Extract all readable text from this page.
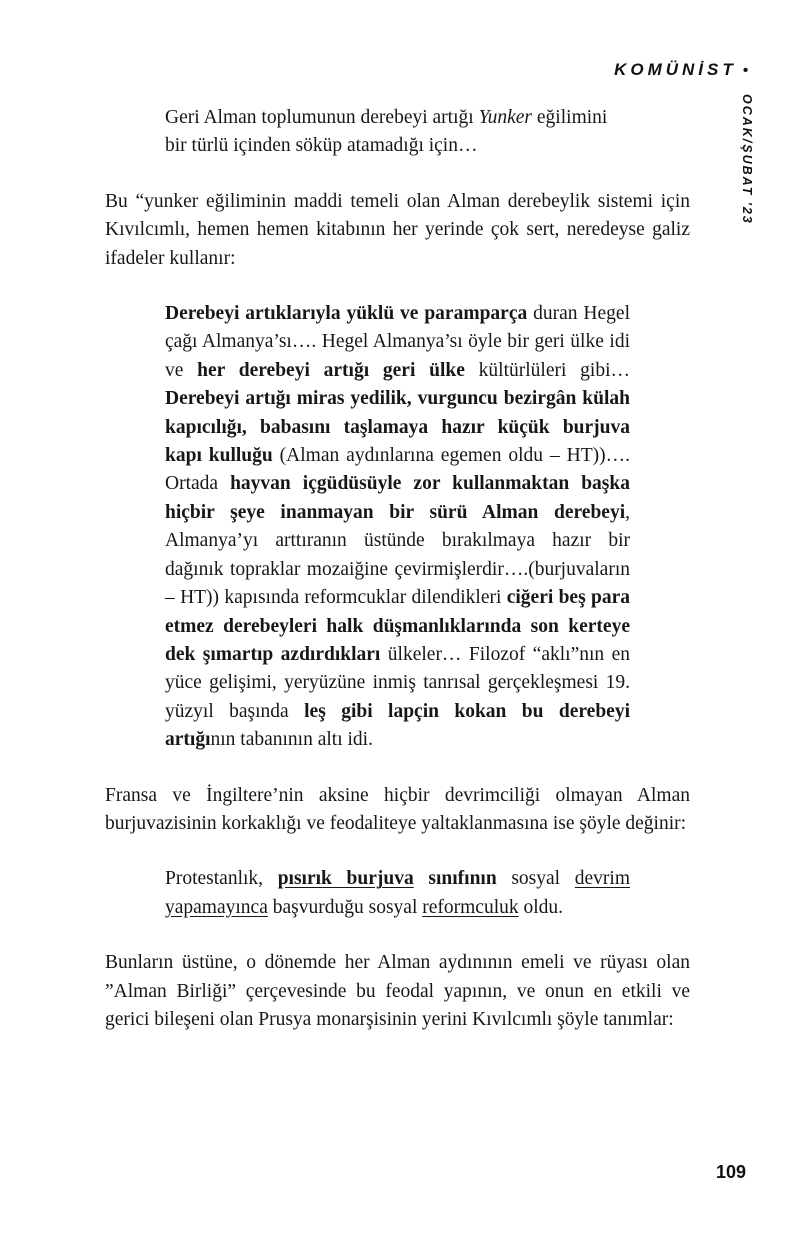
KOMÜNİST •
OCAK/ŞUBAT '23
Geri Alman toplumunun derebeyi artığı Yunker eğilimini bir türlü içinden söküp atamadığı için…

Bu “yunker eğiliminin maddi temeli olan Alman derebeylik sistemi için Kıvılcımlı, hemen hemen kitabının her yerinde çok sert, neredeyse galiz ifadeler kullanır:

Derebeyi artıklarıyla yüklü ve paramparça duran Hegel çağı Almanya’sı…. Hegel Almanya’sı öyle bir geri ülke idi ve her derebeyi artığı geri ülke kültürlüleri gibi…Derebeyi artığı miras yedilik, vurguncu bezirgân külah kapıcılığı, babasını taşlamaya hazır küçük burjuva kapı kulluğu (Alman aydınlarına egemen oldu – HT))…. Ortada hayvan içgüdüsüyle zor kullanmaktan başka hiçbir şeye inanmayan bir sürü Alman derebeyi, Almanya’yı arttıranın üstünde bırakılmaya hazır bir dağınık topraklar mozaiğine çevirmişlerdir….(burjuvaların – HT)) kapısında reformcuklar dilendikleri ciğeri beş para etmez derebeyleri halk düşmanlıklarında son kerteye dek şımartıp azdırdıkları ülkeler… Filozof “aklı”nın en yüce gelişimi, yeryüzüne inmiş tanrısal gerçekleşmesi 19. yüzyıl başında leş gibi lapçin kokan bu derebeyi artığının tabanının altı idi.

Fransa ve İngiltere’nin aksine hiçbir devrimciliği olmayan Alman burjuvazisinin korkaklığı ve feodaliteye yaltaklanmasına ise şöyle değinir:

Protestanlık, pısırık burjuva sınıfının sosyal devrim yapamayınca başvurduğu sosyal reformculuk oldu.

Bunların üstüne, o dönemde her Alman aydınının emeli ve rüyası olan ”Alman Birliği” çerçevesinde bu feodal yapının, ve onun en etkili ve gerici bileşeni olan Prusya monarşisinin yerini Kıvılcımlı şöyle tanımlar:

109
